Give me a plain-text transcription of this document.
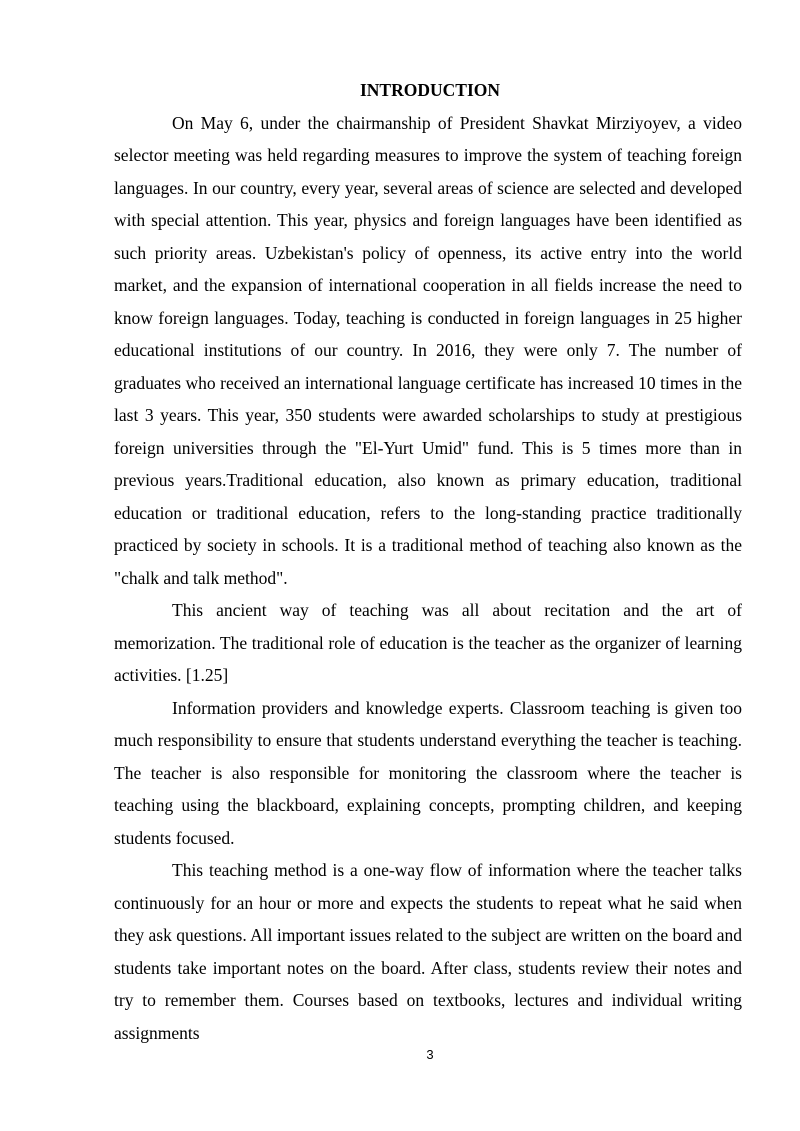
INTRODUCTION

On May 6, under the chairmanship of President Shavkat Mirziyoyev, a video selector meeting was held regarding measures to improve the system of teaching foreign languages. In our country, every year, several areas of science are selected and developed with special attention. This year, physics and foreign languages have been identified as such priority areas. Uzbekistan's policy of openness, its active entry into the world market, and the expansion of international cooperation in all fields increase the need to know foreign languages. Today, teaching is conducted in foreign languages in 25 higher educational institutions of our country. In 2016, they were only 7. The number of graduates who received an international language certificate has increased 10 times in the last 3 years. This year, 350 students were awarded scholarships to study at prestigious foreign universities through the "El-Yurt Umid" fund. This is 5 times more than in previous years.Traditional education, also known as primary education, traditional education or traditional education, refers to the long-standing practice traditionally practiced by society in schools. It is a traditional method of teaching also known as the "chalk and talk method".

This ancient way of teaching was all about recitation and the art of memorization. The traditional role of education is the teacher as the organizer of learning activities. [1.25]

Information providers and knowledge experts. Classroom teaching is given too much responsibility to ensure that students understand everything the teacher is teaching. The teacher is also responsible for monitoring the classroom where the teacher is teaching using the blackboard, explaining concepts, prompting children, and keeping students focused.

This teaching method is a one-way flow of information where the teacher talks continuously for an hour or more and expects the students to repeat what he said when they ask questions. All important issues related to the subject are written on the board and students take important notes on the board. After class, students review their notes and try to remember them. Courses based on textbooks, lectures and individual writing assignments

3
